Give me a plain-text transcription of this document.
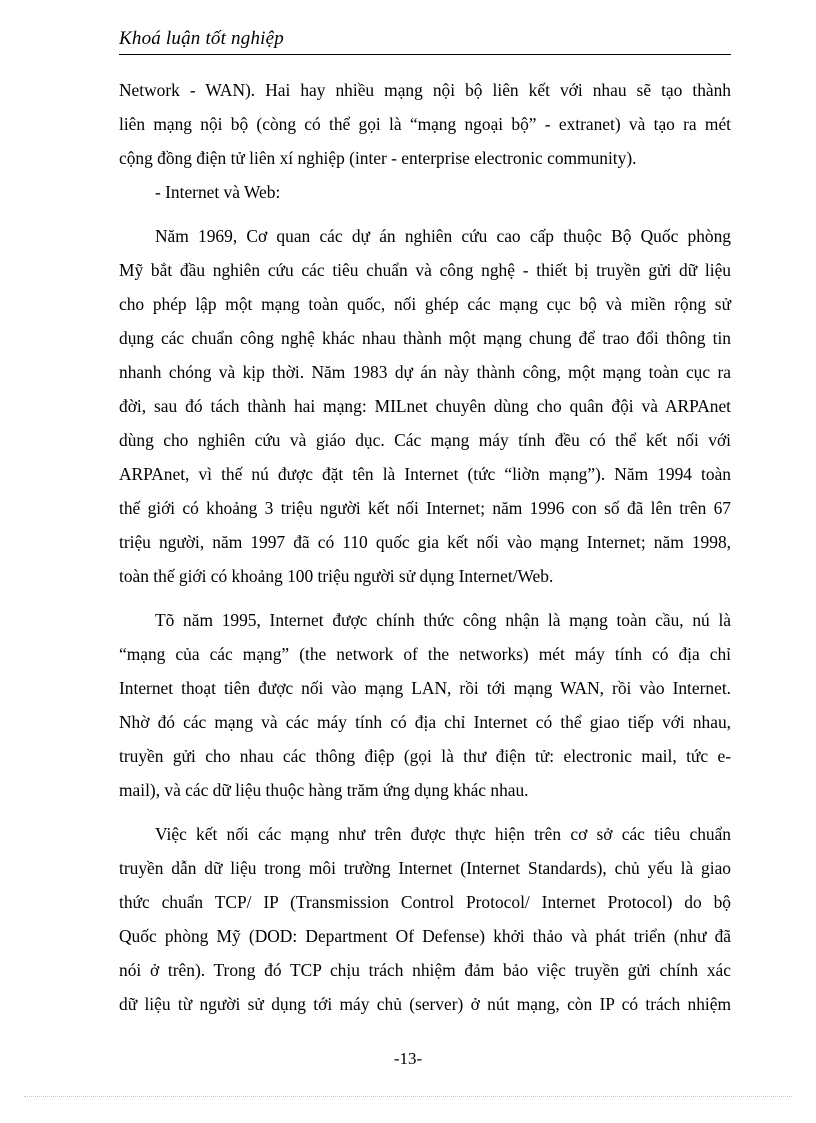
Khoá luận tốt nghiệp
Network - WAN). Hai hay nhiều mạng nội bộ liên kết với nhau sẽ tạo thành
liên mạng nội bộ (còng có thể gọi là “mạng ngoại bộ” - extranet) và tạo ra mét
cộng đồng điện tử liên xí nghiệp (inter - enterprise electronic community).
- Internet và Web:
Năm 1969, Cơ quan các dự án nghiên cứu cao cấp thuộc Bộ Quốc phòng
Mỹ bắt đầu nghiên cứu các tiêu chuẩn và công nghệ - thiết bị truyền gửi dữ liệu
cho phép lập một mạng toàn quốc, nối ghép các mạng cục bộ và miền rộng sử
dụng các chuẩn công nghệ khác nhau thành một mạng chung để trao đổi thông tin
nhanh chóng và kịp thời. Năm 1983 dự án này thành công, một mạng toàn cục ra
đời, sau đó tách thành hai mạng: MILnet chuyên dùng cho quân đội và ARPAnet
dùng cho nghiên cứu và giáo dục. Các mạng máy tính đều có thể kết nối với
ARPAnet, vì thế nú được đặt tên là Internet (tức “liờn mạng”). Năm 1994 toàn
thế giới có khoảng 3 triệu người kết nối Internet; năm 1996 con số đã lên trên 67
triệu người, năm 1997 đã có 110 quốc gia kết nối vào mạng Internet; năm 1998,
toàn thế giới có khoảng 100 triệu người sử dụng Internet/Web.
Tõ năm 1995, Internet được chính thức công nhận là mạng toàn cầu, nú là
“mạng của các mạng” (the network of the networks) mét máy tính có địa chỉ
Internet thoạt tiên được nối vào mạng LAN, rồi tới mạng WAN, rồi vào Internet.
Nhờ đó các mạng và các máy tính có địa chỉ Internet có thể giao tiếp với nhau,
truyền gửi cho nhau các thông điệp (gọi là thư điện tử: electronic mail, tức e-
mail), và các dữ liệu thuộc hàng trăm ứng dụng khác nhau.
Việc kết nối các mạng như trên được thực hiện trên cơ sở các tiêu chuẩn
truyền dẫn dữ liệu trong môi trường Internet (Internet Standards), chủ yếu là giao
thức chuẩn TCP/ IP (Transmission Control Protocol/ Internet Protocol) do bộ
Quốc phòng Mỹ (DOD: Department Of Defense) khởi thảo và phát triển (như đã
nói ở trên). Trong đó TCP chịu trách nhiệm đảm bảo việc truyền gửi chính xác
dữ liệu từ người sử dụng tới máy chủ (server) ở nút mạng, còn IP có trách nhiệm
-13-
